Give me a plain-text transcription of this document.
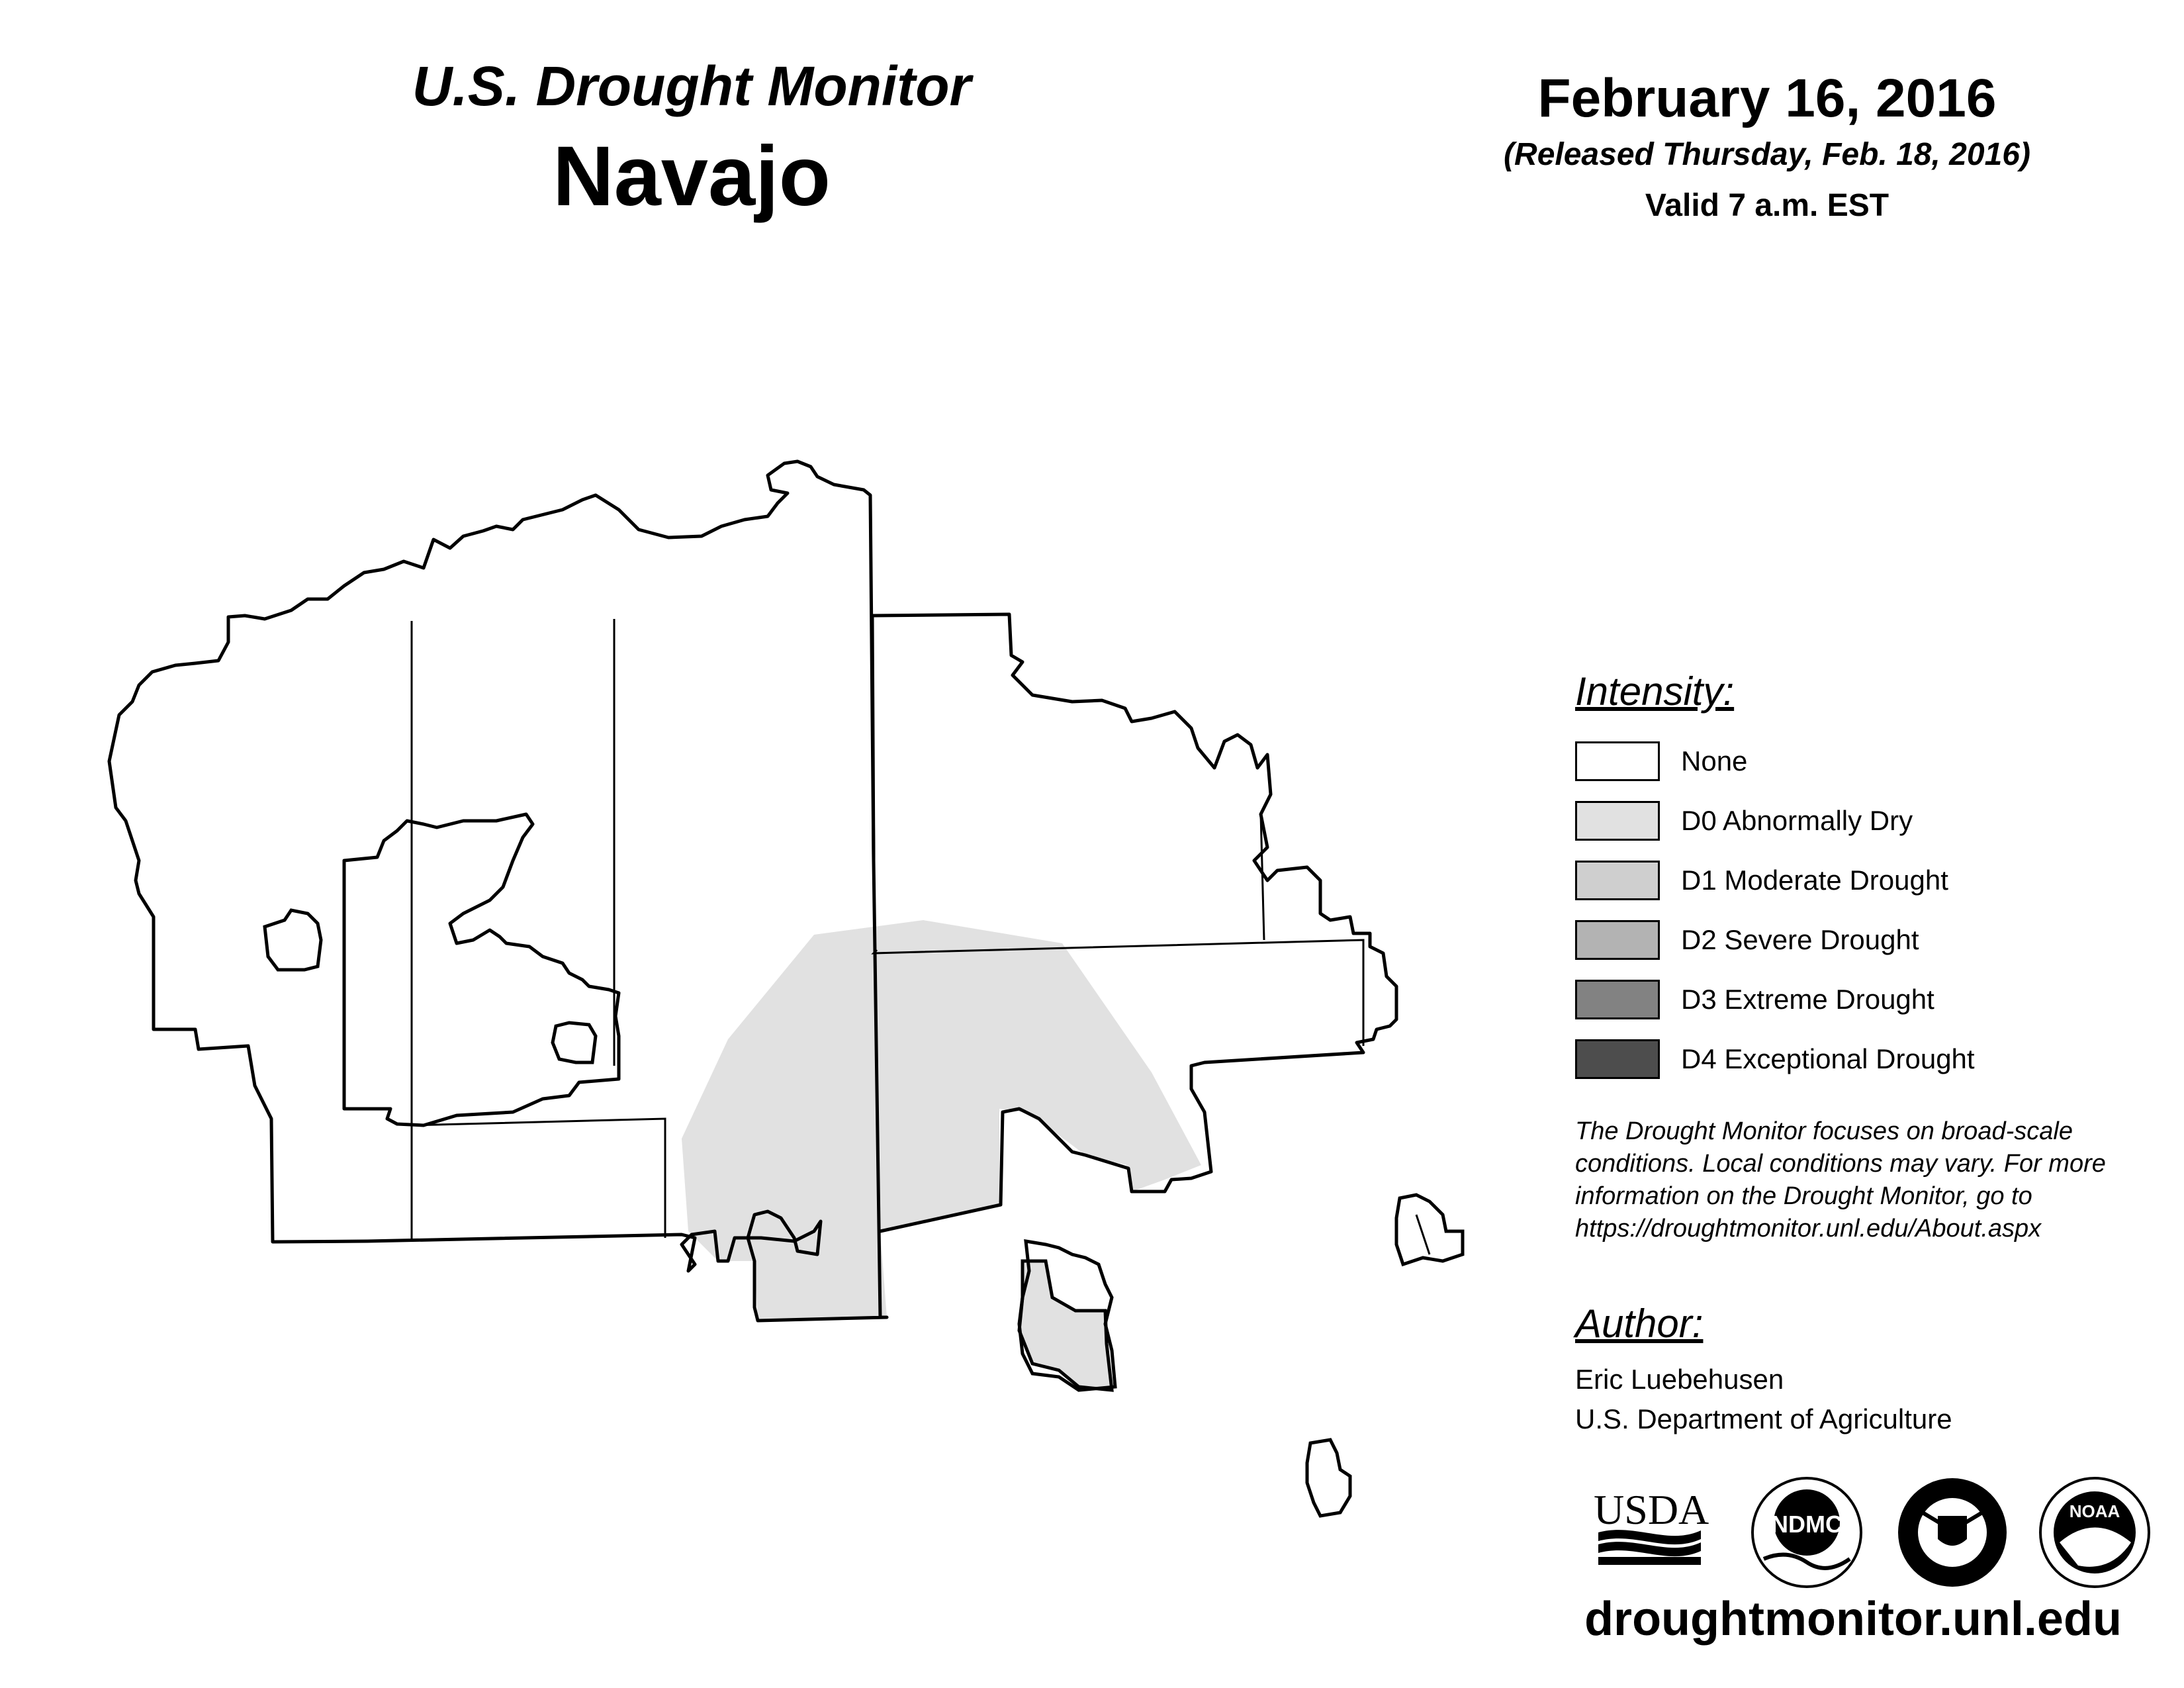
U.S. Drought Monitor
Navajo
February 16, 2016
(Released Thursday, Feb. 18, 2016)
Valid 7 a.m. EST
USDA	NDMC	NOAA
Intensity:
None
D0 Abnormally Dry
D1 Moderate Drought
D2 Severe Drought
D3 Extreme Drought
D4 Exceptional Drought
The Drought Monitor focuses on broad-scale
conditions. Local conditions may vary. For more
information on the Drought Monitor, go to
https://droughtmonitor.unl.edu/About.aspx
Author:
Eric Luebehusen
U.S. Department of Agriculture
droughtmonitor.unl.edu
